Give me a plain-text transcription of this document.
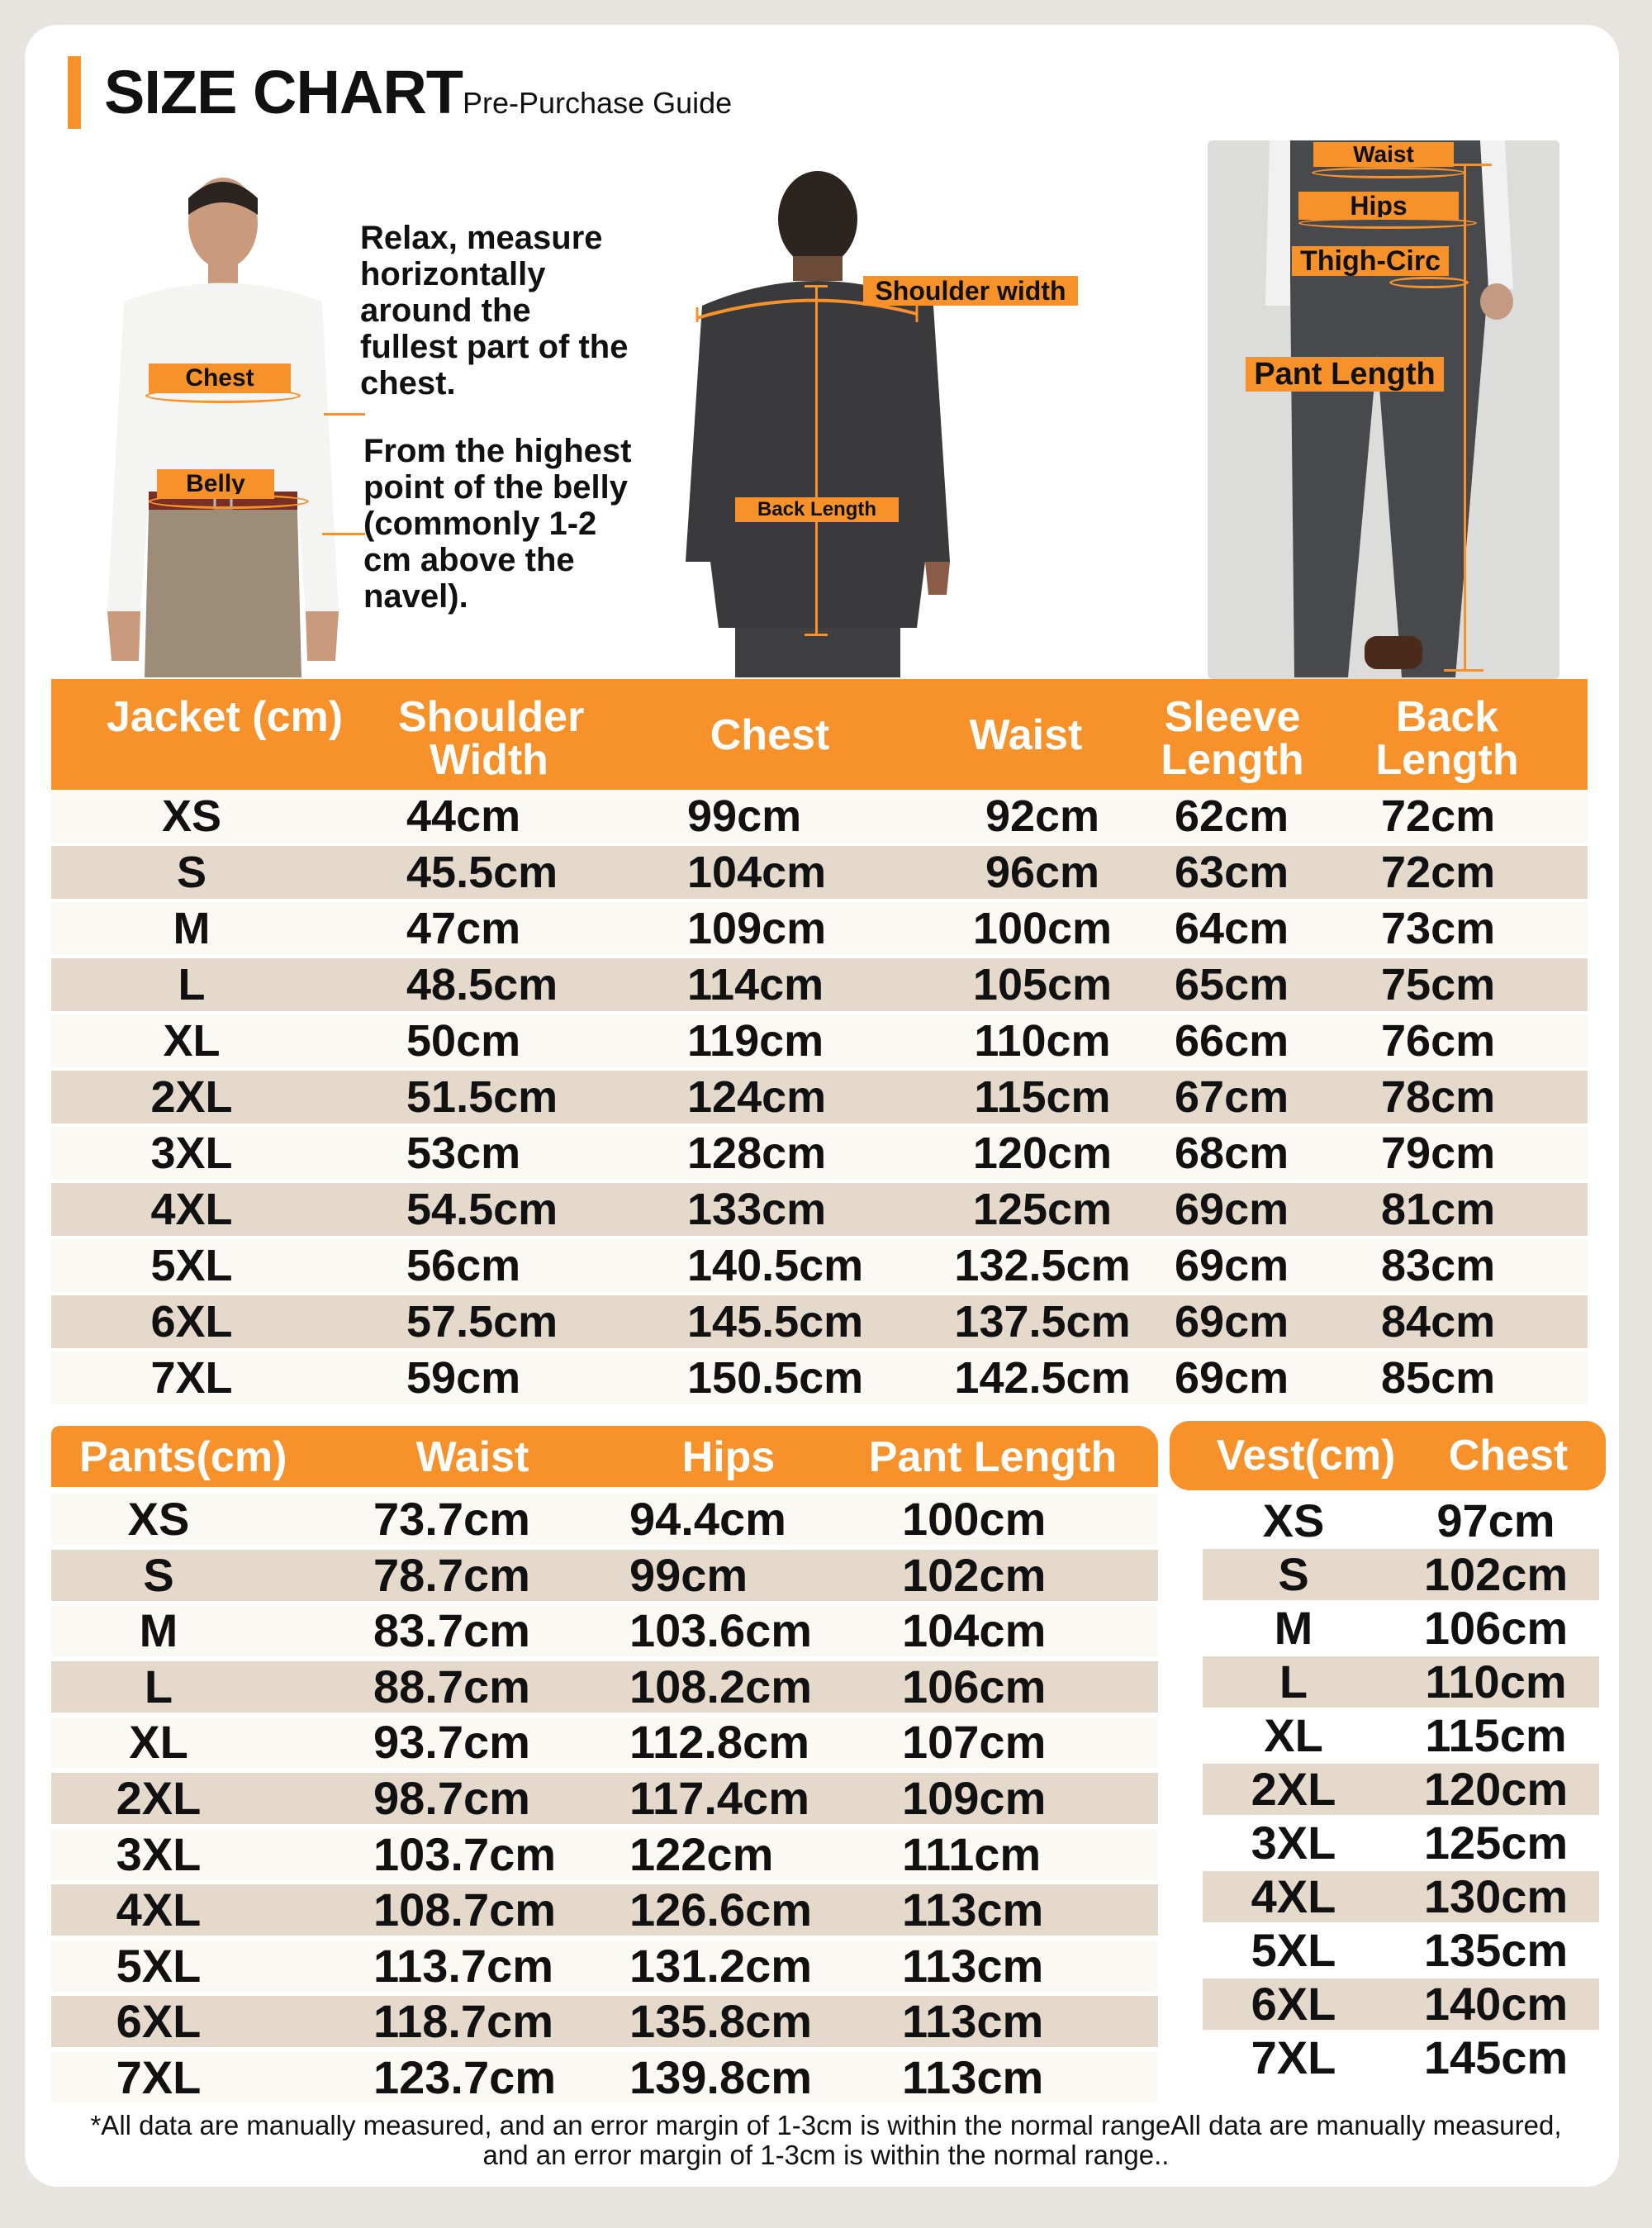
SIZE CHART Pre-Purchase Guide
Chest
Belly
Relax, measure horizontally around the fullest part of the chest.
From the highest point of the belly (commonly 1-2 cm above the navel).
Shoulder width
Back Length
Waist
Hips
Thigh-Circ
Pant Length
Jacket (cm)	Shoulder Width
Chest	Waist	Sleeve Length
Back Length
XS	44cm	99cm	92cm	62cm	72cm
S	45.5cm	104cm	96cm	63cm	72cm
M	47cm	109cm	100cm	64cm	73cm
L	48.5cm	114cm	105cm	65cm	75cm
XL	50cm	119cm	110cm	66cm	76cm
2XL	51.5cm	124cm	115cm	67cm	78cm
3XL	53cm	128cm	120cm	68cm	79cm
4XL	54.5cm	133cm	125cm	69cm	81cm
5XL	56cm	140.5cm	132.5cm 69cm	83cm
6XL	57.5cm	145.5cm	137.5cm 69cm	84cm
7XL	59cm	150.5cm	142.5cm 69cm	85cm
Pants(cm)	Waist	Hips	Pant Length
XS	73.7cm	94.4cm	100cm
S	78.7cm	99cm	102cm
M	83.7cm	103.6cm	104cm
L	88.7cm	108.2cm	106cm
XL	93.7cm	112.8cm	107cm
2XL	98.7cm	117.4cm	109cm
3XL	103.7cm	122cm	111cm
4XL	108.7cm	126.6cm	113cm
5XL	113.7cm	131.2cm	113cm
6XL	118.7cm	135.8cm	113cm
7XL	123.7cm	139.8cm	113cm
Vest(cm)	Chest
XS	97cm
S	102cm
M	106cm
L	110cm
XL	115cm
2XL	120cm
3XL	125cm
4XL	130cm
5XL	135cm
6XL	140cm
7XL	145cm
*All data are manually measured, and an error margin of 1-3cm is within the normal rangeAll data are manually measured, and an error margin of 1-3cm is within the normal range..
